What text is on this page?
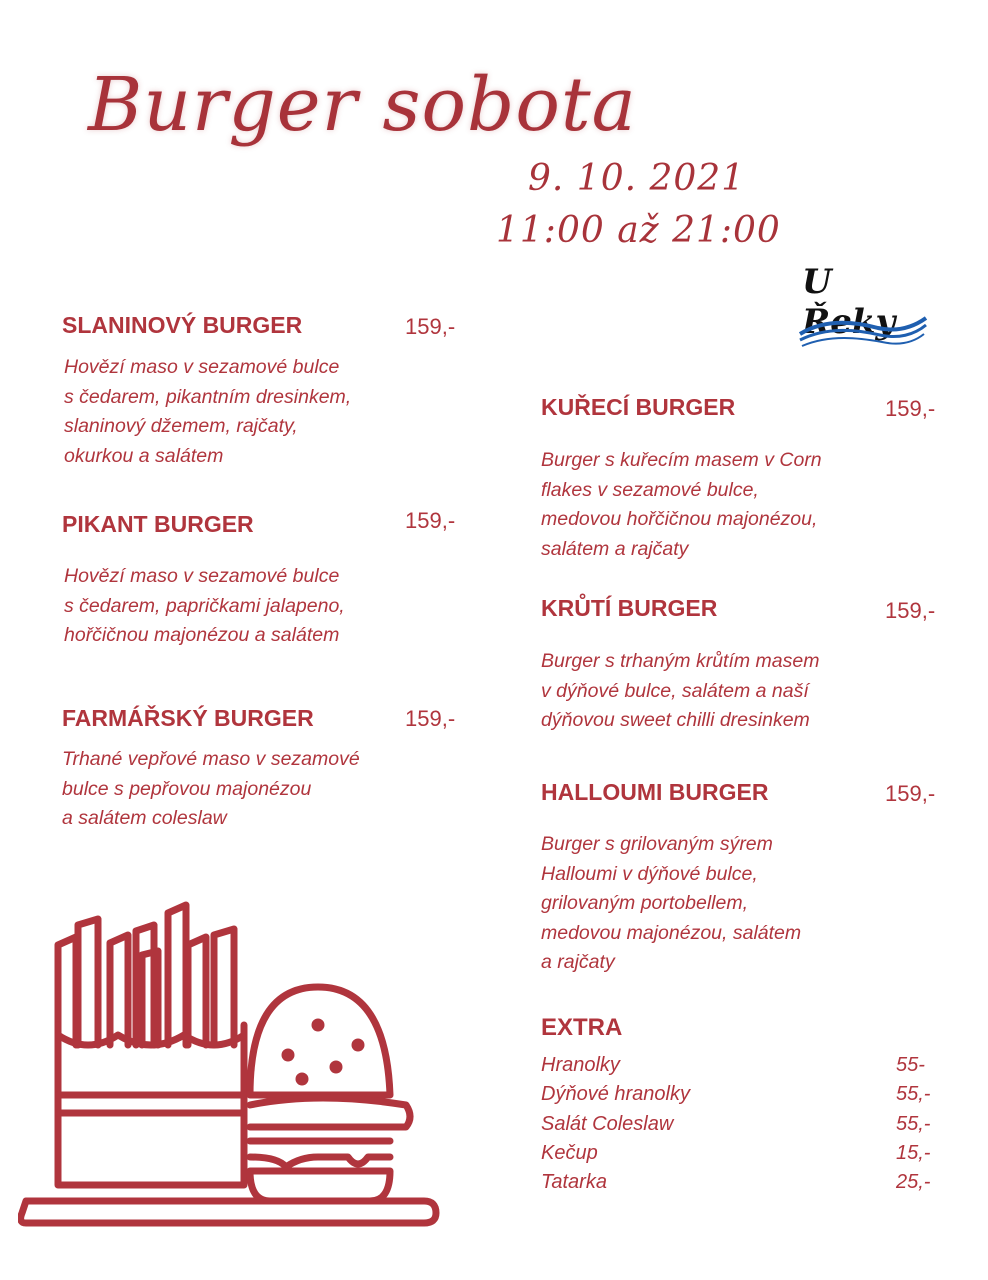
Burger sobota
9. 10. 2021
11:00 až 21:00
U Řeky
SLANINOVÝ BURGER	159,-
Hovězí maso v sezamové bulce
s čedarem, pikantním dresinkem,
slaninový džemem, rajčaty,
okurkou a salátem
PIKANT BURGER	159,-
Hovězí maso v sezamové bulce
s čedarem, papričkami jalapeno,
hořčičnou majonézou a salátem
FARMÁŘSKÝ BURGER	159,-
Trhané vepřové maso v sezamové
bulce s pepřovou majonézou
a salátem coleslaw
KUŘECÍ BURGER	159,-
Burger s kuřecím masem v Corn
flakes v sezamové bulce,
medovou hořčičnou majonézou,
salátem a rajčaty
KRŮTÍ BURGER	159,-
Burger s trhaným krůtím masem
v dýňové bulce, salátem a naší
dýňovou sweet chilli dresinkem
HALLOUMI BURGER	159,-
Burger s grilovaným sýrem
Halloumi v dýňové bulce,
grilovaným portobellem,
medovou majonézou, salátem
a rajčaty
EXTRA
Hranolky	55-
Dýňové hranolky	55,-
Salát Coleslaw	55,-
Kečup	15,-
Tatarka	25,-
